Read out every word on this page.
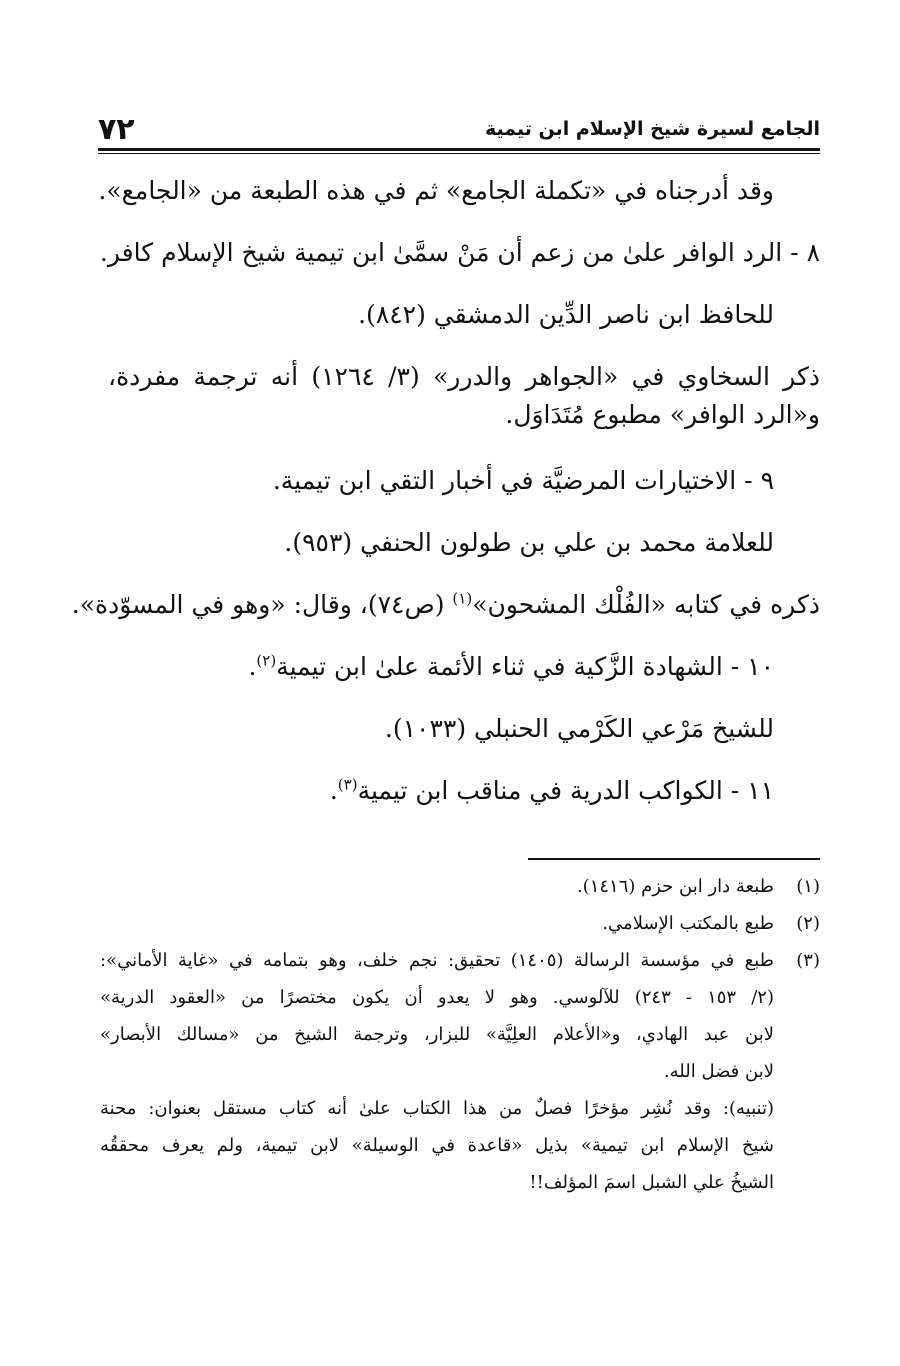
٧٢	الجامع لسيرة شيخ الإسلام ابن تيمية
وقد أدرجناه في «تكملة الجامع» ثم في هذه الطبعة من «الجامع».
٨ - الرد الوافر علىٰ من زعم أن مَنْ سمَّىٰ ابن تيمية شيخ الإسلام كافر.
للحافظ ابن ناصر الدِّين الدمشقي (٨٤٢).
ذكر السخاوي في «الجواهر والدرر» (٣/ ١٢٦٤) أنه ترجمة مفردة،
و«الرد الوافر» مطبوع مُتَدَاوَل.
٩ - الاختيارات المرضيَّة في أخبار التقي ابن تيمية.
للعلامة محمد بن علي بن طولون الحنفي (٩٥٣).
ذكره في كتابه «الفُلْك المشحون»$^{(١)}$ (ص٧٤)، وقال: «وهو في المسوّدة».
١٠ - الشهادة الزَّكية في ثناء الأئمة علىٰ ابن تيمية$^{(٢)}$.
للشيخ مَرْعي الكَرْمي الحنبلي (١٠٣٣).
١١ - الكواكب الدرية في مناقب ابن تيمية$^{(٣)}$.
(١)
طبعة دار ابن حزم (١٤١٦).
(٢)
طبع بالمكتب الإسلامي.
(٣)
طبع في مؤسسة الرسالة (١٤٠٥) تحقيق: نجم خلف، وهو بتمامه في «غاية الأماني»:
(٢/ ١٥٣ - ٢٤٣) للآلوسي. وهو لا يعدو أن يكون مختصرًا من «العقود الدرية»
لابن عبد الهادي، و«الأعلام العلِيَّة» للبزار، وترجمة الشيخ من «مسالك الأبصار»
لابن فضل الله.
(تنبيه): وقد نُشِر مؤخرًا فصلٌ من هذا الكتاب علىٰ أنه كتاب مستقل بعنوان: محنة
شيخ الإسلام ابن تيمية» بذيل «قاعدة في الوسيلة» لابن تيمية، ولم يعرف محققُه
الشيخُ علي الشبل اسمَ المؤلف!!
